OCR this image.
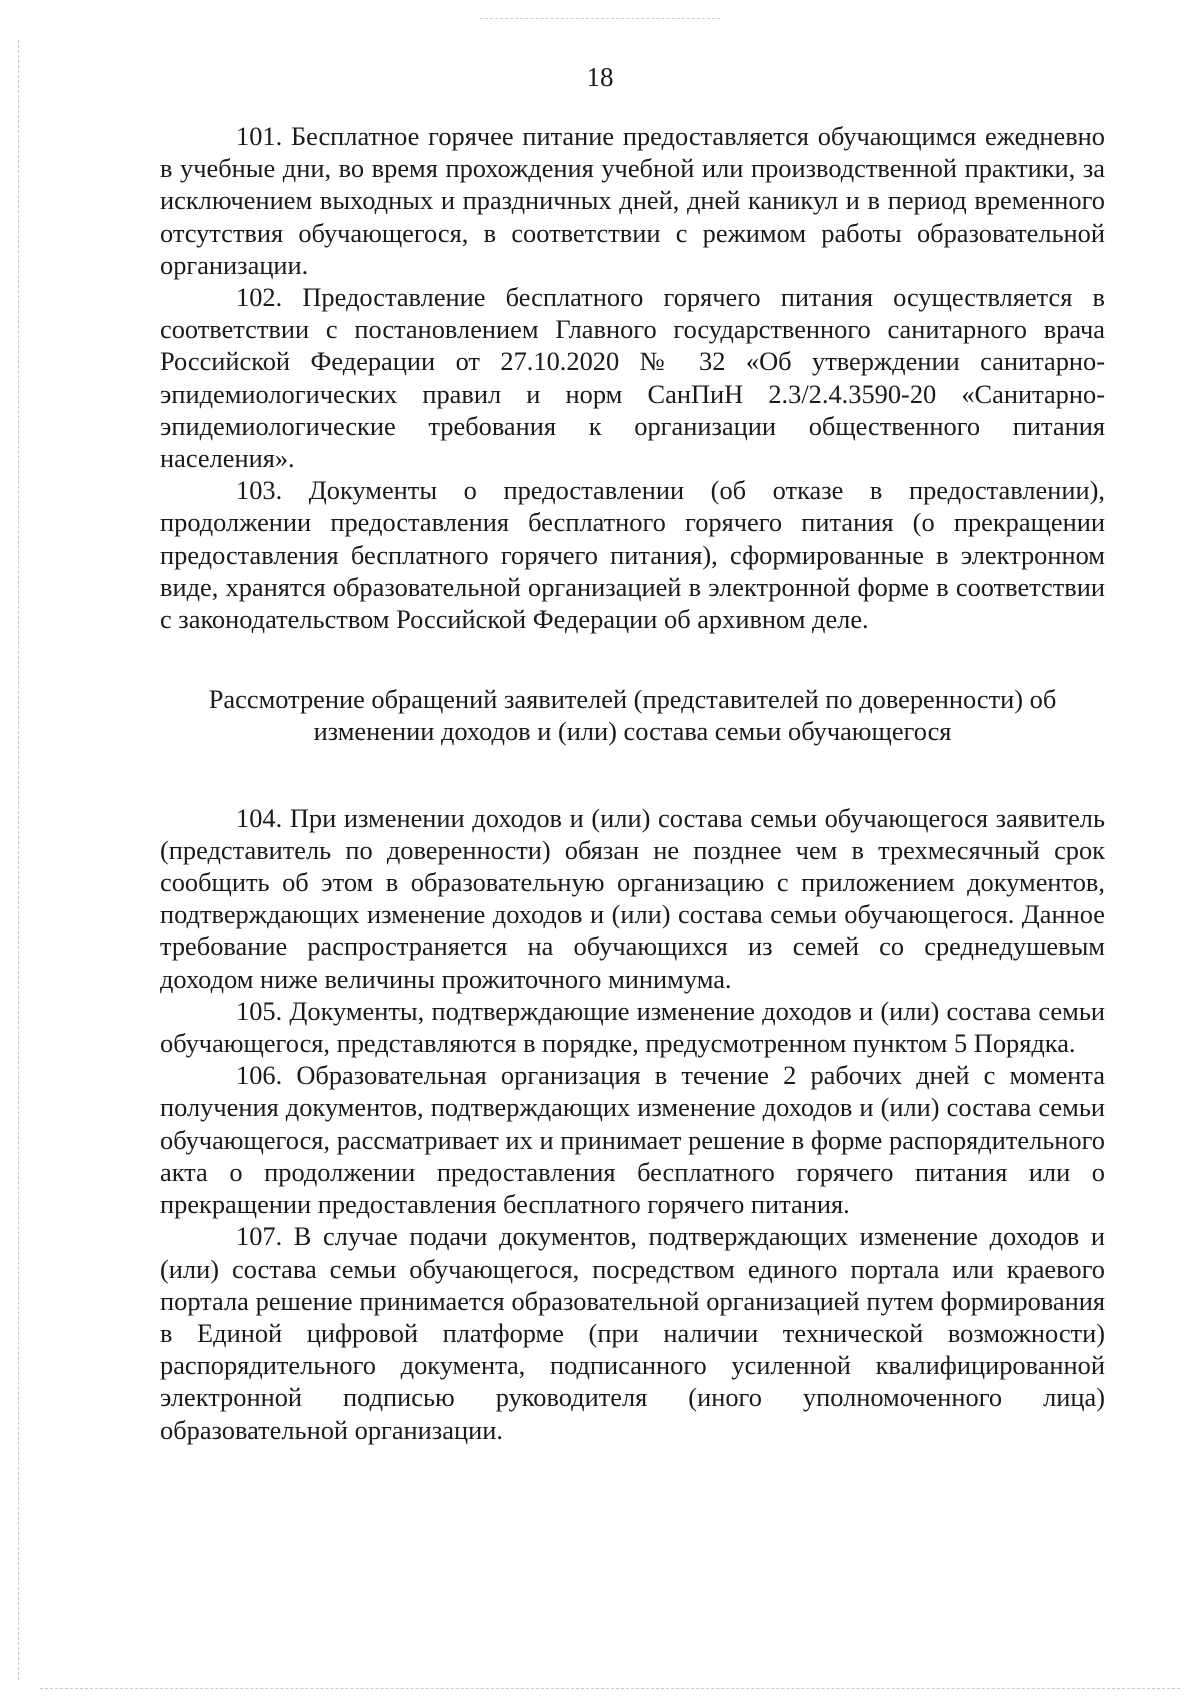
18

101. Бесплатное горячее питание предоставляется обучающимся ежедневно в учебные дни, во время прохождения учебной или производственной практики, за исключением выходных и праздничных дней, дней каникул и в период временного отсутствия обучающегося, в соответствии с режимом работы образовательной организации.

102. Предоставление бесплатного горячего питания осуществляется в соответствии с постановлением Главного государственного санитарного врача Российской Федерации от 27.10.2020 № 32 «Об утверждении санитарно-эпидемиологических правил и норм СанПиН 2.3/2.4.3590-20 «Санитарно-эпидемиологические требования к организации общественного питания населения».

103. Документы о предоставлении (об отказе в предоставлении), продолжении предоставления бесплатного горячего питания (о прекращении предоставления бесплатного горячего питания), сформированные в электронном виде, хранятся образовательной организацией в электронной форме в соответствии с законодательством Российской Федерации об архивном деле.

Рассмотрение обращений заявителей (представителей по доверенности) об
изменении доходов и (или) состава семьи обучающегося

104. При изменении доходов и (или) состава семьи обучающегося заявитель (представитель по доверенности) обязан не позднее чем в трехмесячный срок сообщить об этом в образовательную организацию с приложением документов, подтверждающих изменение доходов и (или) состава семьи обучающегося. Данное требование распространяется на обучающихся из семей со среднедушевым доходом ниже величины прожиточного минимума.

105. Документы, подтверждающие изменение доходов и (или) состава семьи обучающегося, представляются в порядке, предусмотренном пунктом 5 Порядка.

106. Образовательная организация в течение 2 рабочих дней с момента получения документов, подтверждающих изменение доходов и (или) состава семьи обучающегося, рассматривает их и принимает решение в форме распорядительного акта о продолжении предоставления бесплатного горячего питания или о прекращении предоставления бесплатного горячего питания.

107. В случае подачи документов, подтверждающих изменение доходов и (или) состава семьи обучающегося, посредством единого портала или краевого портала решение принимается образовательной организацией путем формирования в Единой цифровой платформе (при наличии технической возможности) распорядительного документа, подписанного усиленной квалифицированной электронной подписью руководителя (иного уполномоченного лица) образовательной организации.
